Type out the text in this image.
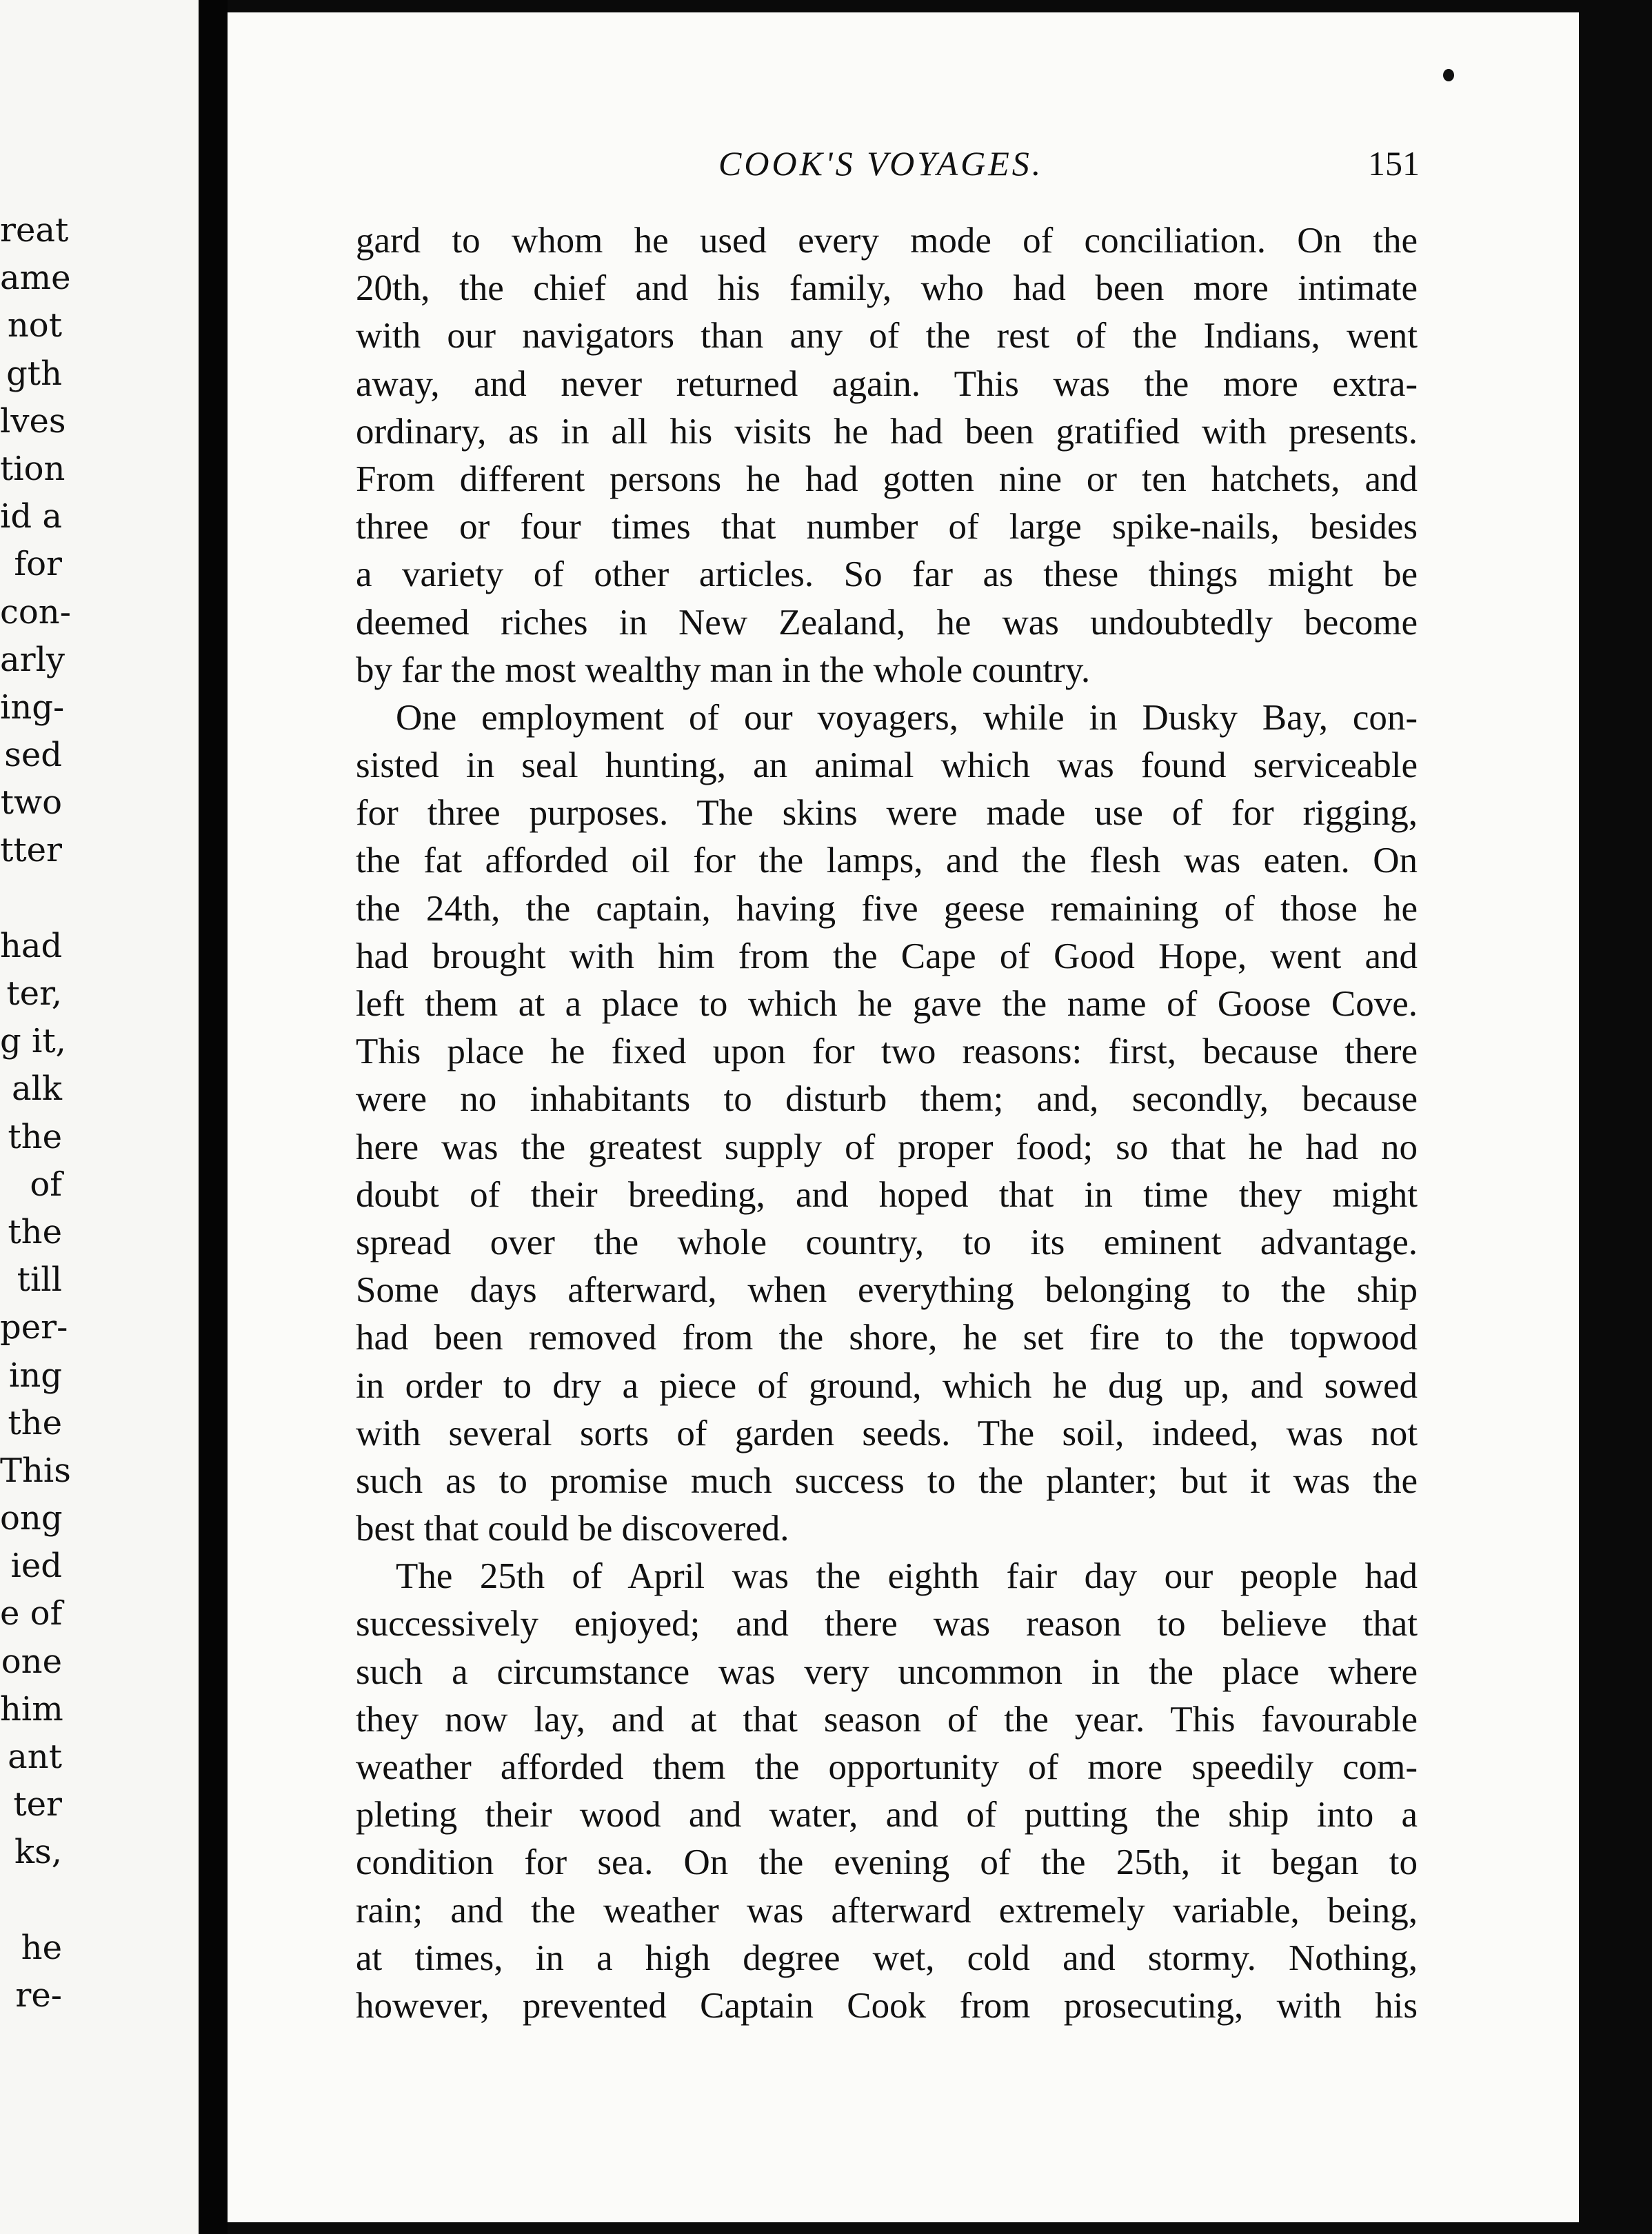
reat
ame
not
gth
lves
tion
id a
for
con-
arly
ing-
sed
two
tter
had
ter,
g it,
alk
the
of
the
till
per-
ing
the
This
ong
ied
e of
one
him
ant
ter
ks,
he
re-
COOK'S VOYAGES.	151
gard to whom he used every mode of conciliation. On the
20th, the chief and his family, who had been more intimate
with our navigators than any of the rest of the Indians, went
away, and never returned again. This was the more extra-
ordinary, as in all his visits he had been gratified with presents.
From different persons he had gotten nine or ten hatchets, and
three or four times that number of large spike-nails, besides
a variety of other articles. So far as these things might be
deemed riches in New Zealand, he was undoubtedly become
by far the most wealthy man in the whole country.
One employment of our voyagers, while in Dusky Bay, con-
sisted in seal hunting, an animal which was found serviceable
for three purposes. The skins were made use of for rigging,
the fat afforded oil for the lamps, and the flesh was eaten. On
the 24th, the captain, having five geese remaining of those he
had brought with him from the Cape of Good Hope, went and
left them at a place to which he gave the name of Goose Cove.
This place he fixed upon for two reasons: first, because there
were no inhabitants to disturb them; and, secondly, because
here was the greatest supply of proper food; so that he had no
doubt of their breeding, and hoped that in time they might
spread over the whole country, to its eminent advantage.
Some days afterward, when everything belonging to the ship
had been removed from the shore, he set fire to the topwood
in order to dry a piece of ground, which he dug up, and sowed
with several sorts of garden seeds. The soil, indeed, was not
such as to promise much success to the planter; but it was the
best that could be discovered.
The 25th of April was the eighth fair day our people had
successively enjoyed; and there was reason to believe that
such a circumstance was very uncommon in the place where
they now lay, and at that season of the year. This favourable
weather afforded them the opportunity of more speedily com-
pleting their wood and water, and of putting the ship into a
condition for sea. On the evening of the 25th, it began to
rain; and the weather was afterward extremely variable, being,
at times, in a high degree wet, cold and stormy. Nothing,
however, prevented Captain Cook from prosecuting, with his
